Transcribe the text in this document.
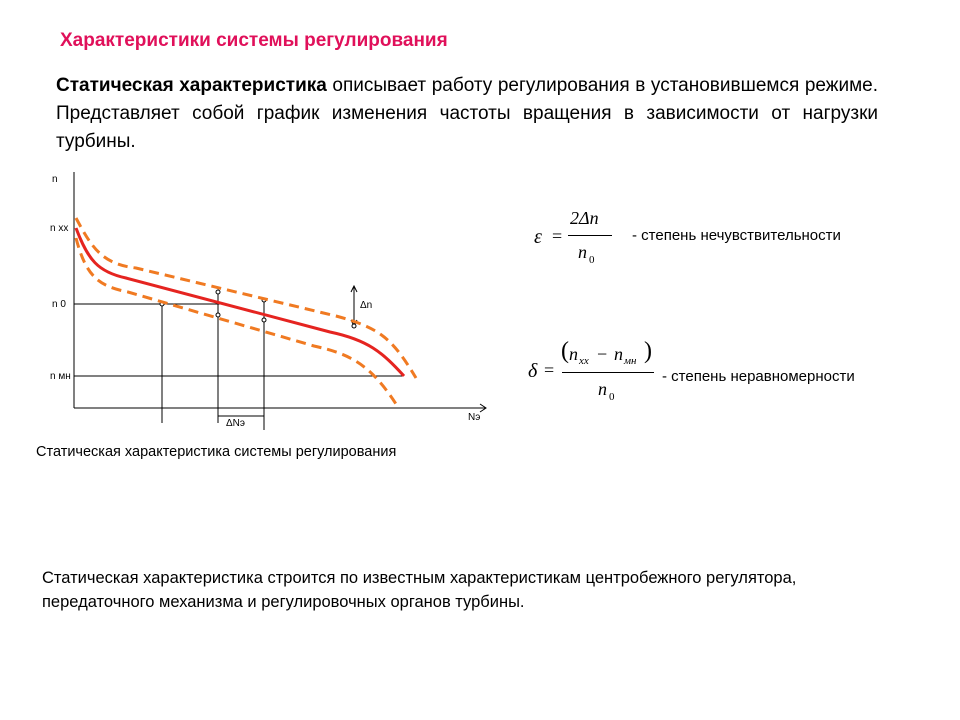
Характеристики системы регулирования
Статическая характеристика описывает работу регулирования в установившемся режиме. Представляет собой график изменения частоты вращения в зависимости от нагрузки турбины.
n
n хх
n 0
n мн
Nэ
Δn
ΔNэ
Статическая характеристика системы регулирования
ε =
2Δn
n 0
- степень нечувствительности
δ =
( n хх − n мн )
n 0
- степень неравномерности
Статическая характеристика строится по известным характеристикам центробежного регулятора, передаточного механизма и регулировочных органов турбины.
